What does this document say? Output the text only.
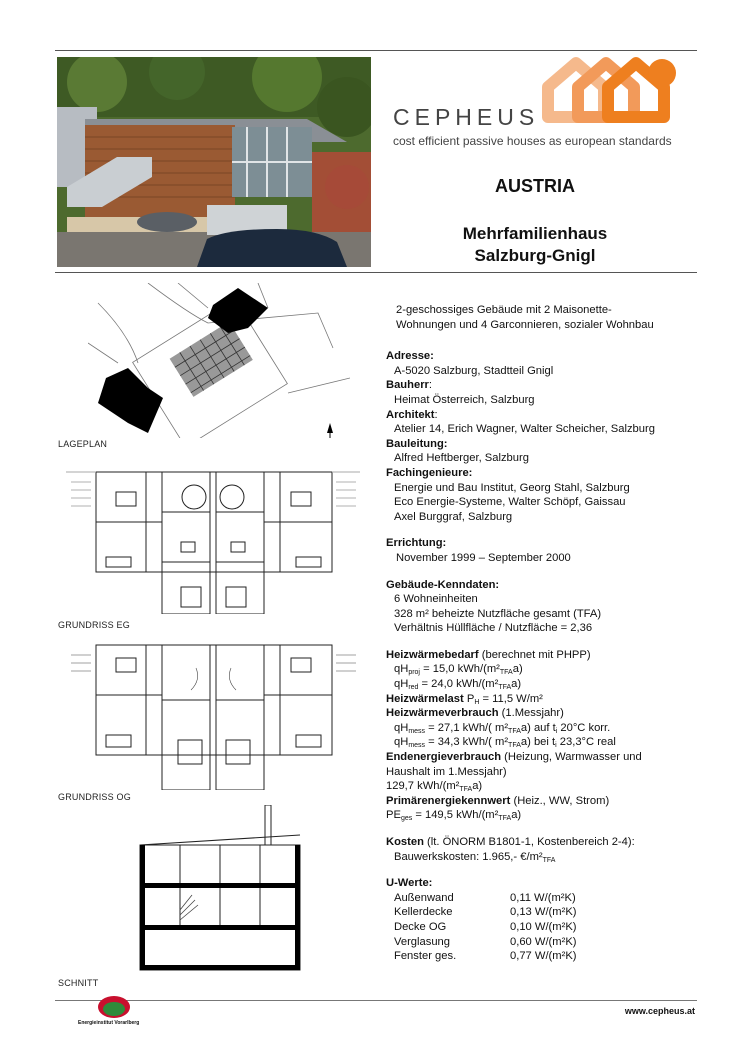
CEPHEUS
cost efficient passive houses as european standards
AUSTRIA
Mehrfamilienhaus
Salzburg-Gnigl
LAGEPLAN
GRUNDRISS EG
GRUNDRISS OG
SCHNITT
2-geschossiges Gebäude mit 2 Maisonette-
Wohnungen und 4 Garconnieren, sozialer Wohnbau
Adresse:
A-5020 Salzburg, Stadtteil Gnigl
Bauherr:
Heimat Österreich, Salzburg
Architekt:
Atelier 14, Erich Wagner, Walter Scheicher, Salzburg
Bauleitung:
Alfred Heftberger, Salzburg
Fachingenieure:
Energie und Bau Institut, Georg Stahl, Salzburg
Eco Energie-Systeme, Walter Schöpf, Gaissau
Axel Burggraf, Salzburg
Errichtung:
November 1999 – September 2000
Gebäude-Kenndaten:
6 Wohneinheiten
328 m² beheizte Nutzfläche gesamt (TFA)
Verhältnis Hüllfläche / Nutzfläche = 2,36
Heizwärmebedarf (berechnet mit PHPP)
$qH_{proj} = 15,0$ kWh/$(m^2_{TFA}a)$
$qH_{red} = 24,0$ kWh/$(m^2_{TFA}a)$
Heizwärmelast $P_H = 11,5$ W/m²
Heizwärmeverbrauch (1.Messjahr)
$qH_{mess} = 27,1$ kWh/( $m^2_{TFA}a$) auf $t_i$ 20°C korr.
$qH_{mess} = 34,3$ kWh/( $m^2_{TFA}a$) bei $t_i$ 23,3°C real
Endenergieverbrauch (Heizung, Warmwasser und
Haushalt im 1.Messjahr)
129,7 kWh/$(m^2_{TFA}a)$
Primärenergiekennwert (Heiz., WW, Strom)
$PE_{ges} = 149,5$ kWh/$(m^2_{TFA}a)$
Kosten (lt. ÖNORM B1801-1, Kostenbereich 2-4):
Bauwerkskosten: 1.965,- $€/m^2_{TFA}$
U-Werte:
Außenwand	0,11 W/(m²K)
Kellerdecke	0,13 W/(m²K)
Decke OG	0,10 W/(m²K)
Verglasung	0,60 W/(m²K)
Fenster ges.	0,77 W/(m²K)
Energieinstitut Vorarlberg
www.cepheus.at
